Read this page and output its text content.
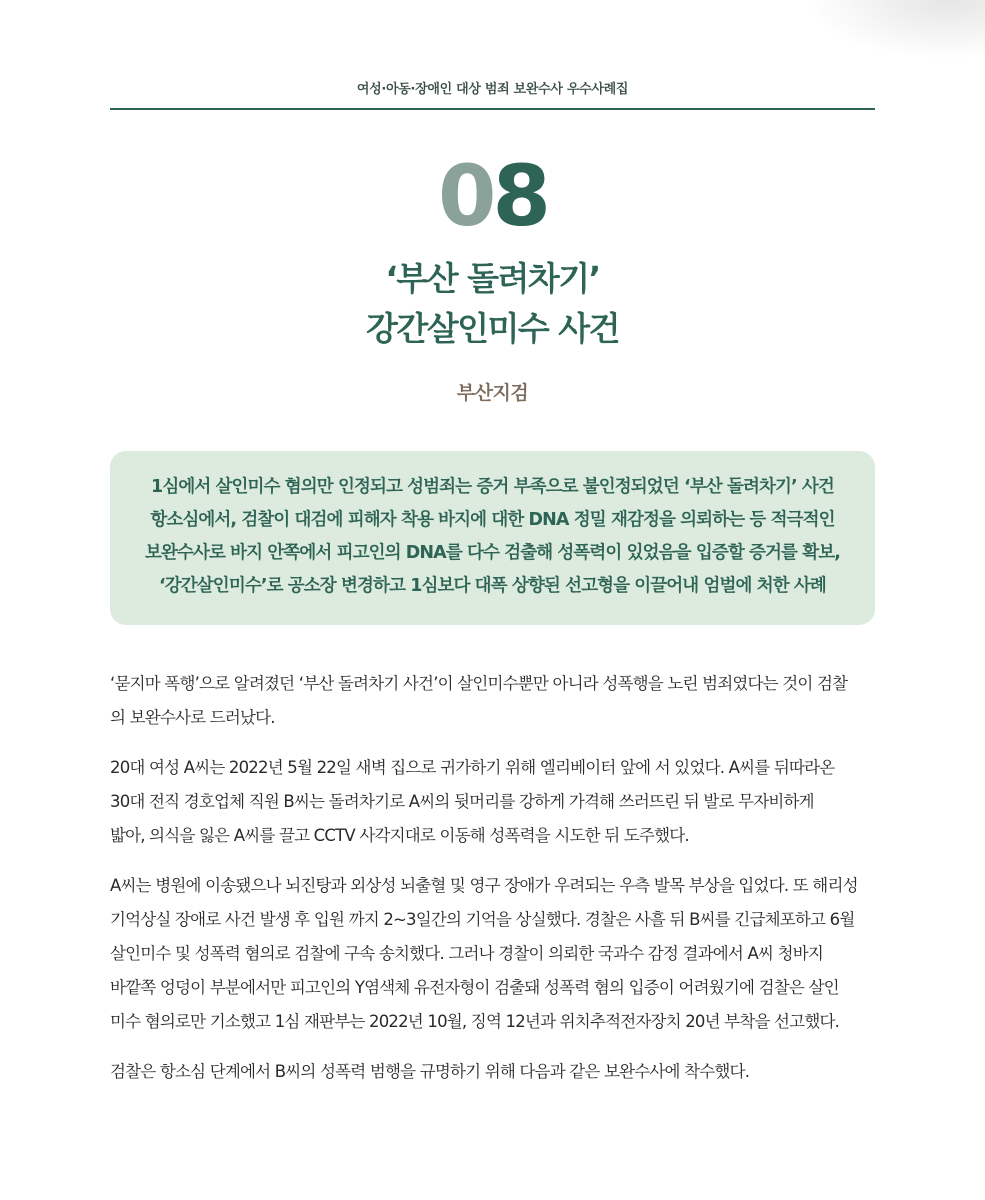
여성·아동·장애인 대상 범죄 보완수사 우수사례집
08
‘부산 돌려차기’
강간살인미수 사건
부산지검
1심에서 살인미수 혐의만 인정되고 성범죄는 증거 부족으로 불인정되었던 ‘부산 돌려차기’ 사건
항소심에서, 검찰이 대검에 피해자 착용 바지에 대한 DNA 정밀 재감정을 의뢰하는 등 적극적인
보완수사로 바지 안쪽에서 피고인의 DNA를 다수 검출해 성폭력이 있었음을 입증할 증거를 확보,
‘강간살인미수’로 공소장 변경하고 1심보다 대폭 상향된 선고형을 이끌어내 엄벌에 처한 사례

‘묻지마 폭행’으로 알려졌던 ‘부산 돌려차기 사건’이 살인미수뿐만 아니라 성폭행을 노린 범죄였다는 것이 검찰
의 보완수사로 드러났다.

20대 여성 A씨는 2022년 5월 22일 새벽 집으로 귀가하기 위해 엘리베이터 앞에 서 있었다. A씨를 뒤따라온
30대 전직 경호업체 직원 B씨는 돌려차기로 A씨의 뒷머리를 강하게 가격해 쓰러뜨린 뒤 발로 무자비하게
밟아, 의식을 잃은 A씨를 끌고 CCTV 사각지대로 이동해 성폭력을 시도한 뒤 도주했다.

A씨는 병원에 이송됐으나 뇌진탕과 외상성 뇌출혈 및 영구 장애가 우려되는 우측 발목 부상을 입었다. 또 해리성
기억상실 장애로 사건 발생 후 입원 까지 2~3일간의 기억을 상실했다. 경찰은 사흘 뒤 B씨를 긴급체포하고 6월
살인미수 및 성폭력 혐의로 검찰에 구속 송치했다. 그러나 경찰이 의뢰한 국과수 감정 결과에서 A씨 청바지
바깥쪽 엉덩이 부분에서만 피고인의 Y염색체 유전자형이 검출돼 성폭력 혐의 입증이 어려웠기에 검찰은 살인
미수 혐의로만 기소했고 1심 재판부는 2022년 10월, 징역 12년과 위치추적전자장치 20년 부착을 선고했다.

검찰은 항소심 단계에서 B씨의 성폭력 범행을 규명하기 위해 다음과 같은 보완수사에 착수했다.
